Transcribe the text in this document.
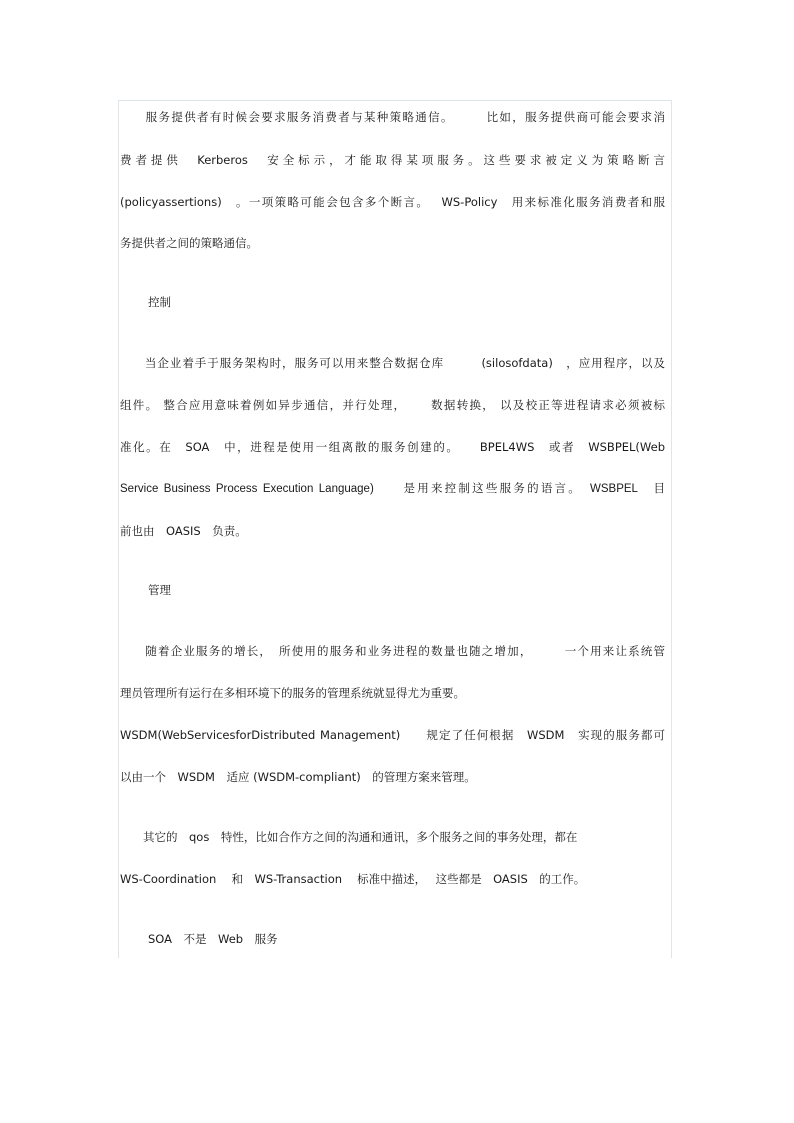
　　服务提供者有时候会要求服务消费者与某种策略通信。　　　比如，服务提供商可能会要求消
费者提供　Kerberos　安全标示，才能取得某项服务。这些要求被定义为策略断言
(policyassertions)　。一项策略可能会包含多个断言。　 WS-Policy　用来标准化服务消费者和服
务提供者之间的策略通信。
控制
　　当企业着手于服务架构时，服务可以用来整合数据仓库　　　(silosofdata)　，应用程序，以及
组件。 整合应用意味着例如异步通信，并行处理，　　 数据转换， 以及校正等进程请求必须被标
准化。在　SOA　中，进程是使用一组离散的服务创建的。　　BPEL4WS　或者　WSBPEL(Web
Service Business Process Execution Language)　　是用来控制这些服务的语言。　WSBPEL　目
前也由　OASIS　负责。
管理
　　随着企业服务的增长，　所使用的服务和业务进程的数量也随之增加，　　　一个用来让系统管
理员管理所有运行在多相环境下的服务的管理系统就显得尤为重要。
WSDM(WebServicesforDistributed Management)　　规定了任何根据　WSDM　实现的服务都可
以由一个　WSDM　适应 (WSDM-compliant)　的管理方案来管理。
　　其它的　qos　特性，比如合作方之间的沟通和通讯，多个服务之间的事务处理，都在
WS-Coordination　 和　WS-Transaction　 标准中描述，　 这些都是　OASIS　的工作。
SOA　不是　Web　服务
